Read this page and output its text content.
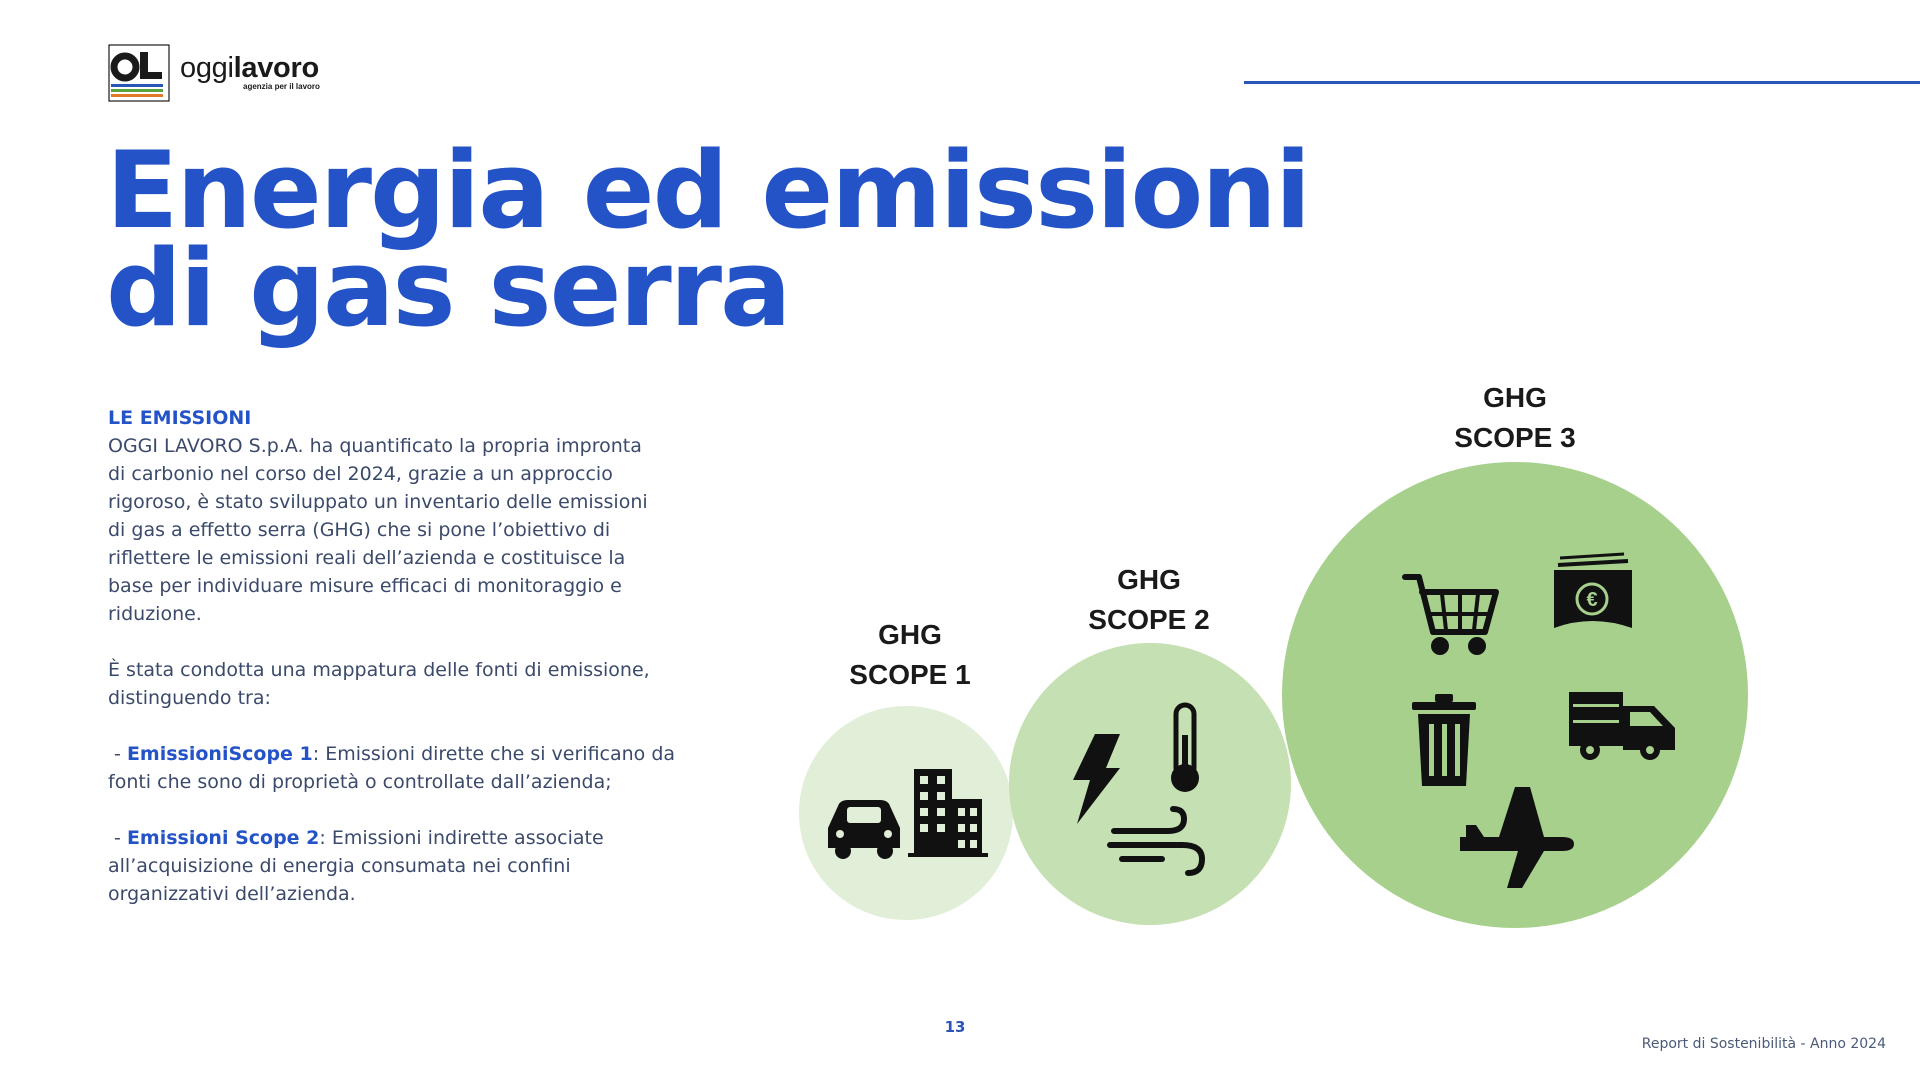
oggilavoro
agenzia per il lavoro
Energia ed emissioni
di gas serra

LE EMISSIONI

OGGI LAVORO S.p.A. ha quantificato la propria impronta

di carbonio nel corso del 2024, grazie a un approccio

rigoroso, è stato sviluppato un inventario delle emissioni

di gas a effetto serra (GHG) che si pone l’obiettivo di

riflettere le emissioni reali dell’azienda e costituisce la

base per individuare misure efficaci di monitoraggio e

riduzione.

È stata condotta una mappatura delle fonti di emissione,

distinguendo tra:

- EmissioniScope 1: Emissioni dirette che si verificano da

fonti che sono di proprietà o controllate dall’azienda;

- Emissioni Scope 2: Emissioni indirette associate

all’acquisizione di energia consumata nei confini

organizzativi dell’azienda.

GHG
SCOPE 1
GHG
SCOPE 2
GHG
SCOPE 3
€
13
Report di Sostenibilità - Anno 2024
